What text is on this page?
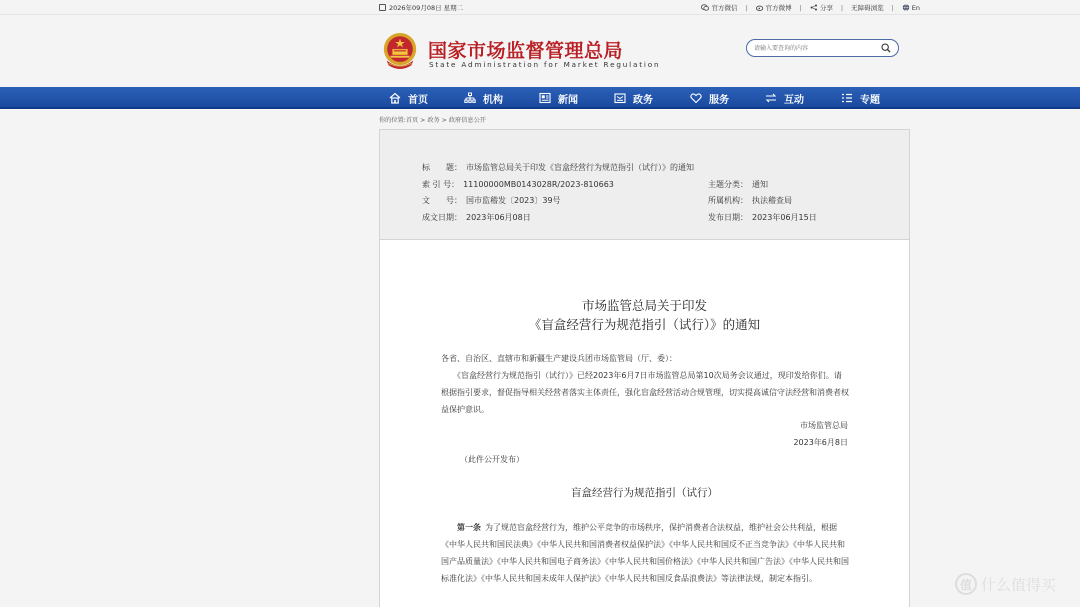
2026年09月08日 星期二	官方微信 |	官方微博 |	分享 | 无障碍浏览 |	En
国家市场监督管理总局
State Administration for Market Regulation
请输入要查询的内容
首页	机构	新闻	政务	服务	互动	专题
你的位置:首页 > 政务 > 政府信息公开
标　　题： 市场监管总局关于印发《盲盒经营行为规范指引（试行）》的通知
索 引 号： 11100000MB0143028R/2023-810663	主题分类： 通知
文　　号： 国市监稽发〔2023〕39号	所属机构： 执法稽查局
成文日期： 2023年06月08日	发布日期： 2023年06月15日
市场监管总局关于印发
《盲盒经营行为规范指引（试行）》的通知
各省、自治区、直辖市和新疆生产建设兵团市场监管局（厅、委）：
　　《盲盒经营行为规范指引（试行）》已经2023年6月7日市场监管总局第10次局务会议通过，现印发给你们。请根据指引要求，督促指导相关经营者落实主体责任，强化盲盒经营活动合规管理，切实提高诚信守法经营和消费者权益保护意识。
市场监管总局
2023年6月8日
（此件公开发布）
盲盒经营行为规范指引（试行）
第一条 为了规范盲盒经营行为，维护公平竞争的市场秩序，保护消费者合法权益，维护社会公共利益，根据《中华人民共和国民法典》《中华人民共和国消费者权益保护法》《中华人民共和国反不正当竞争法》《中华人民共和国产品质量法》《中华人民共和国电子商务法》《中华人民共和国价格法》《中华人民共和国广告法》《中华人民共和国标准化法》《中华人民共和国未成年人保护法》《中华人民共和国反食品浪费法》等法律法规，制定本指引。	值 什么值得买
